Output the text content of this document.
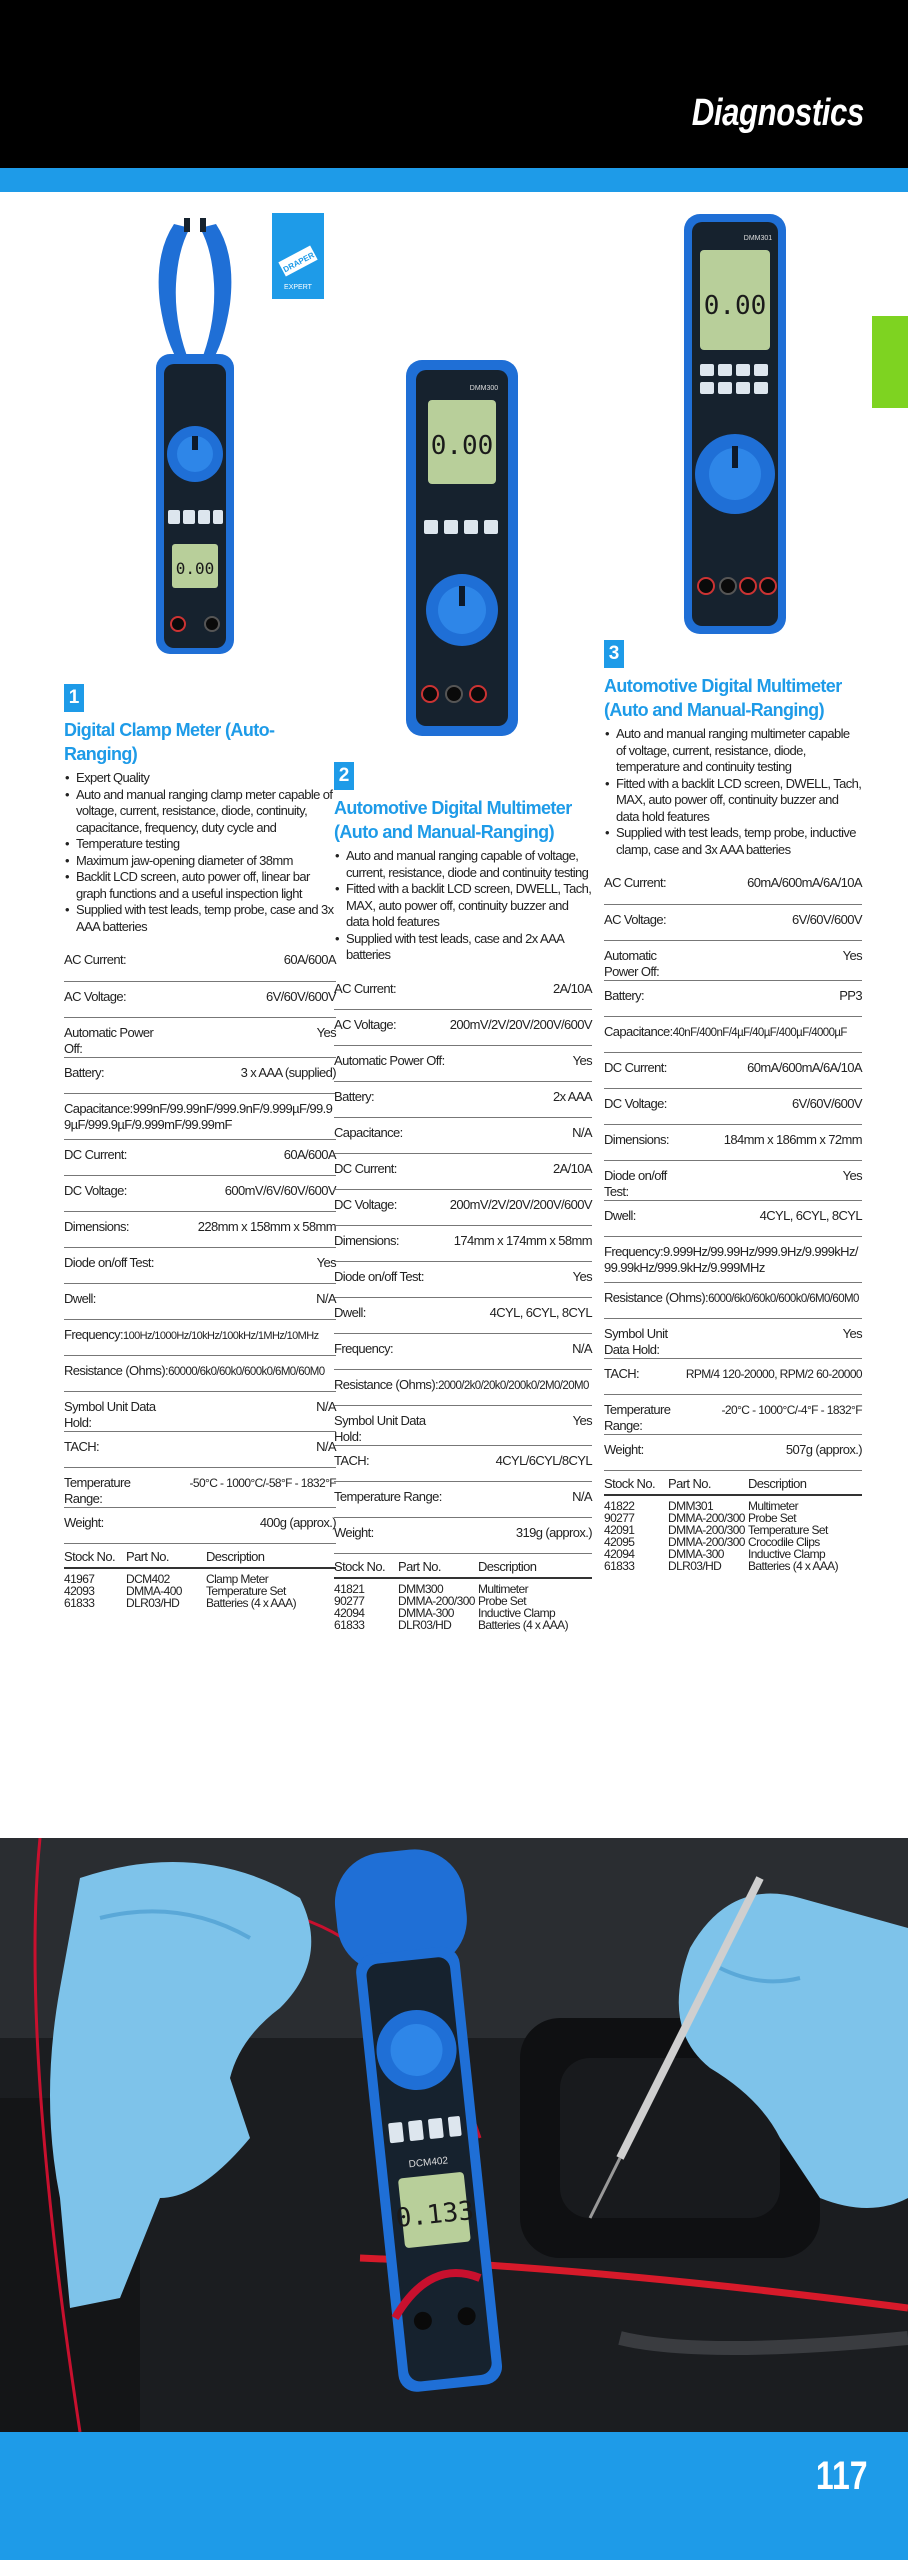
Diagnostics
DRAPER
EXPERT
0.00
0.00
DMM300
0.00
DMM301
1
Digital Clamp Meter (Auto-Ranging)
• Expert Quality
• Auto and manual ranging clamp meter capable of voltage, current, resistance, diode, continuity, capacitance, frequency, duty cycle and
• Temperature testing
• Maximum jaw-opening diameter of 38mm
• Backlit LCD screen, auto power off, linear bar graph functions and a useful inspection light
• Supplied with test leads, temp probe, case and 3x AAA batteries
AC Current:	60A/600A
AC Voltage:	6V/60V/600V
Automatic Power Off:	Yes
Battery:	3 x AAA (supplied)
Capacitance:999nF/99.99nF/999.9nF/9.999µF/99.99µF/999.9µF/9.999mF/99.99mF	
DC Current:	60A/600A
DC Voltage:	600mV/6V/60V/600V
Dimensions:	228mm x 158mm x 58mm
Diode on/off Test:	Yes
Dwell:	N/A
Frequency:100Hz/1000Hz/10kHz/100kHz/1MHz/10MHz	
Resistance (Ohms):60000/6k0/60k0/600k0/6M0/60M0	
Symbol Unit Data Hold:	N/A
TACH:	N/A
Temperature Range:	-50°C - 1000°C/-58°F - 1832°F
Weight:	400g (approx.)
Stock No.	Part No.	Description
41967	DCM402	Clamp Meter
42093	DMMA-400	Temperature Set
61833	DLR03/HD	Batteries (4 x AAA)
2
Automotive Digital Multimeter (Auto and Manual-Ranging)
• Auto and manual ranging capable of voltage, current, resistance, diode and continuity testing
• Fitted with a backlit LCD screen, DWELL, Tach, MAX, auto power off, continuity buzzer and data hold features
• Supplied with test leads, case and 2x AAA batteries
AC Current:	2A/10A
AC Voltage:	200mV/2V/20V/200V/600V
Automatic Power Off:	Yes
Battery:	2x AAA
Capacitance:	N/A
DC Current:	2A/10A
DC Voltage:	200mV/2V/20V/200V/600V
Dimensions:	174mm x 174mm x 58mm
Diode on/off Test:	Yes
Dwell:	4CYL, 6CYL, 8CYL
Frequency:	N/A
Resistance (Ohms):2000/2k0/20k0/200k0/2M0/20M0	
Symbol Unit Data Hold:	Yes
TACH:	4CYL/6CYL/8CYL
Temperature Range:	N/A
Weight:	319g (approx.)
Stock No.	Part No.	Description
41821	DMM300	Multimeter
90277	DMMA-200/300	Probe Set
42094	DMMA-300	Inductive Clamp
61833	DLR03/HD	Batteries (4 x AAA)
3
Automotive Digital Multimeter (Auto and Manual-Ranging)
• Auto and manual ranging multimeter capable of voltage, current, resistance, diode, temperature and continuity testing
• Fitted with a backlit LCD screen, DWELL, Tach, MAX, auto power off, continuity buzzer and data hold features
• Supplied with test leads, temp probe, inductive clamp, case and 3x AAA batteries
AC Current:	60mA/600mA/6A/10A
AC Voltage:	6V/60V/600V
Automatic Power Off:	Yes
Battery:	PP3
Capacitance:40nF/400nF/4µF/40µF/400µF/4000µF	
DC Current:	60mA/600mA/6A/10A
DC Voltage:	6V/60V/600V
Dimensions:	184mm x 186mm x 72mm
Diode on/off Test:	Yes
Dwell:	4CYL, 6CYL, 8CYL
Frequency:9.999Hz/99.99Hz/999.9Hz/9.999kHz/99.99kHz/999.9kHz/9.999MHz	
Resistance (Ohms):6000/6k0/60k0/600k0/6M0/60M0	
Symbol Unit Data Hold:	Yes
TACH:	RPM/4 120-20000, RPM/2 60-20000
Temperature Range:	-20°C - 1000°C/-4°F - 1832°F
Weight:	507g (approx.)
Stock No.	Part No.	Description
41822	DMM301	Multimeter
90277	DMMA-200/300	Probe Set
42091	DMMA-200/300	Temperature Set
42095	DMMA-200/300	Crocodile Clips
42094	DMMA-300	Inductive Clamp
61833	DLR03/HD	Batteries (4 x AAA)
DCM402
0.133
117
